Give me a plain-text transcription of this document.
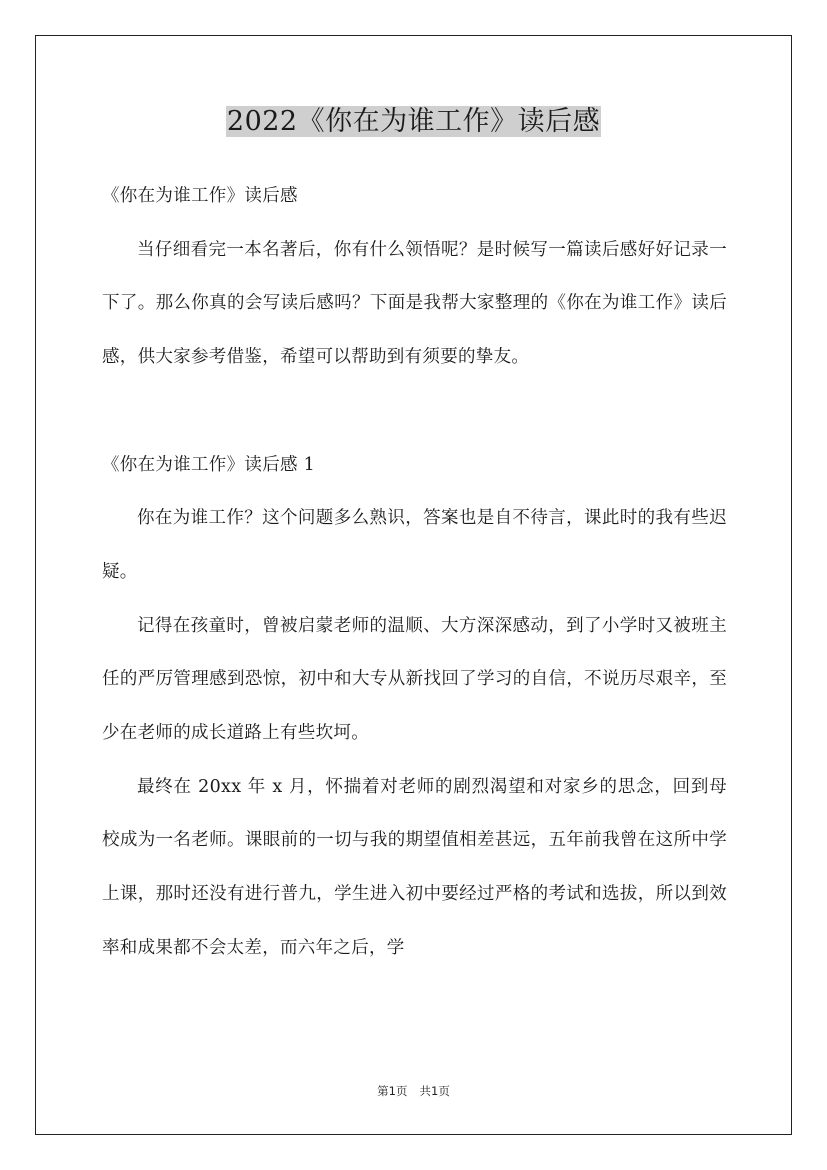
2022《你在为谁工作》读后感

《你在为谁工作》读后感

当仔细看完一本名著后，你有什么领悟呢？是时候写一篇读后感好好记录一下了。那么你真的会写读后感吗？下面是我帮大家整理的《你在为谁工作》读后感，供大家参考借鉴，希望可以帮助到有须要的挚友。

《你在为谁工作》读后感 1

你在为谁工作？这个问题多么熟识，答案也是自不待言，课此时的我有些迟疑。

记得在孩童时，曾被启蒙老师的温顺、大方深深感动，到了小学时又被班主任的严厉管理感到恐惊，初中和大专从新找回了学习的自信，不说历尽艰辛，至少在老师的成长道路上有些坎坷。

最终在 20xx 年 x 月，怀揣着对老师的剧烈渴望和对家乡的思念，回到母校成为一名老师。课眼前的一切与我的期望值相差甚远，五年前我曾在这所中学上课，那时还没有进行普九，学生进入初中要经过严格的考试和选拔，所以到效率和成果都不会太差，而六年之后，学

第1页 共1页
